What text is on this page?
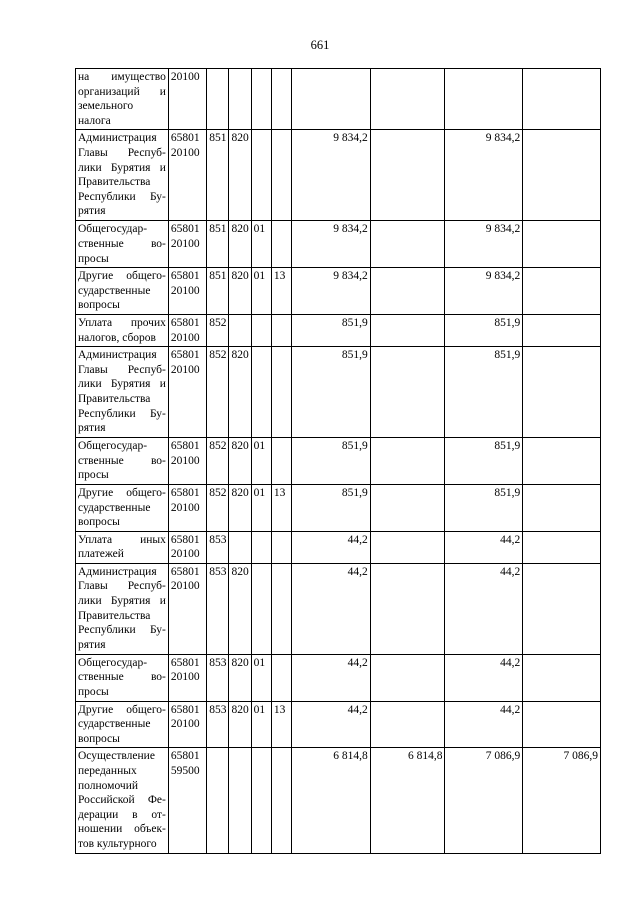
661
на имущество организаций и земельного налога	20100								
Администрация Главы Респуб-лики Бурятия и Правительства Республики Бу-рятия	65801 20100	851	820			9 834,2		9 834,2	
Общегосудар-ственные во-просы	65801 20100	851	820	01		9 834,2		9 834,2	
Другие общего-сударственные вопросы	65801 20100	851	820	01	13	9 834,2		9 834,2	
Уплата прочих налогов, сборов	65801 20100	852				851,9		851,9	
Администрация Главы Респуб-лики Бурятия и Правительства Республики Бу-рятия	65801 20100	852	820			851,9		851,9	
Общегосудар-ственные во-просы	65801 20100	852	820	01		851,9		851,9	
Другие общего-сударственные вопросы	65801 20100	852	820	01	13	851,9		851,9	
Уплата иных платежей	65801 20100	853				44,2		44,2	
Администрация Главы Респуб-лики Бурятия и Правительства Республики Бу-рятия	65801 20100	853	820			44,2		44,2	
Общегосудар-ственные во-просы	65801 20100	853	820	01		44,2		44,2	
Другие общего-сударственные вопросы	65801 20100	853	820	01	13	44,2		44,2	
Осуществление переданных полномочий Российской Фе-дерации в от-ношении объек-тов культурного	65801 59500					6 814,8	6 814,8	7 086,9	7 086,9
